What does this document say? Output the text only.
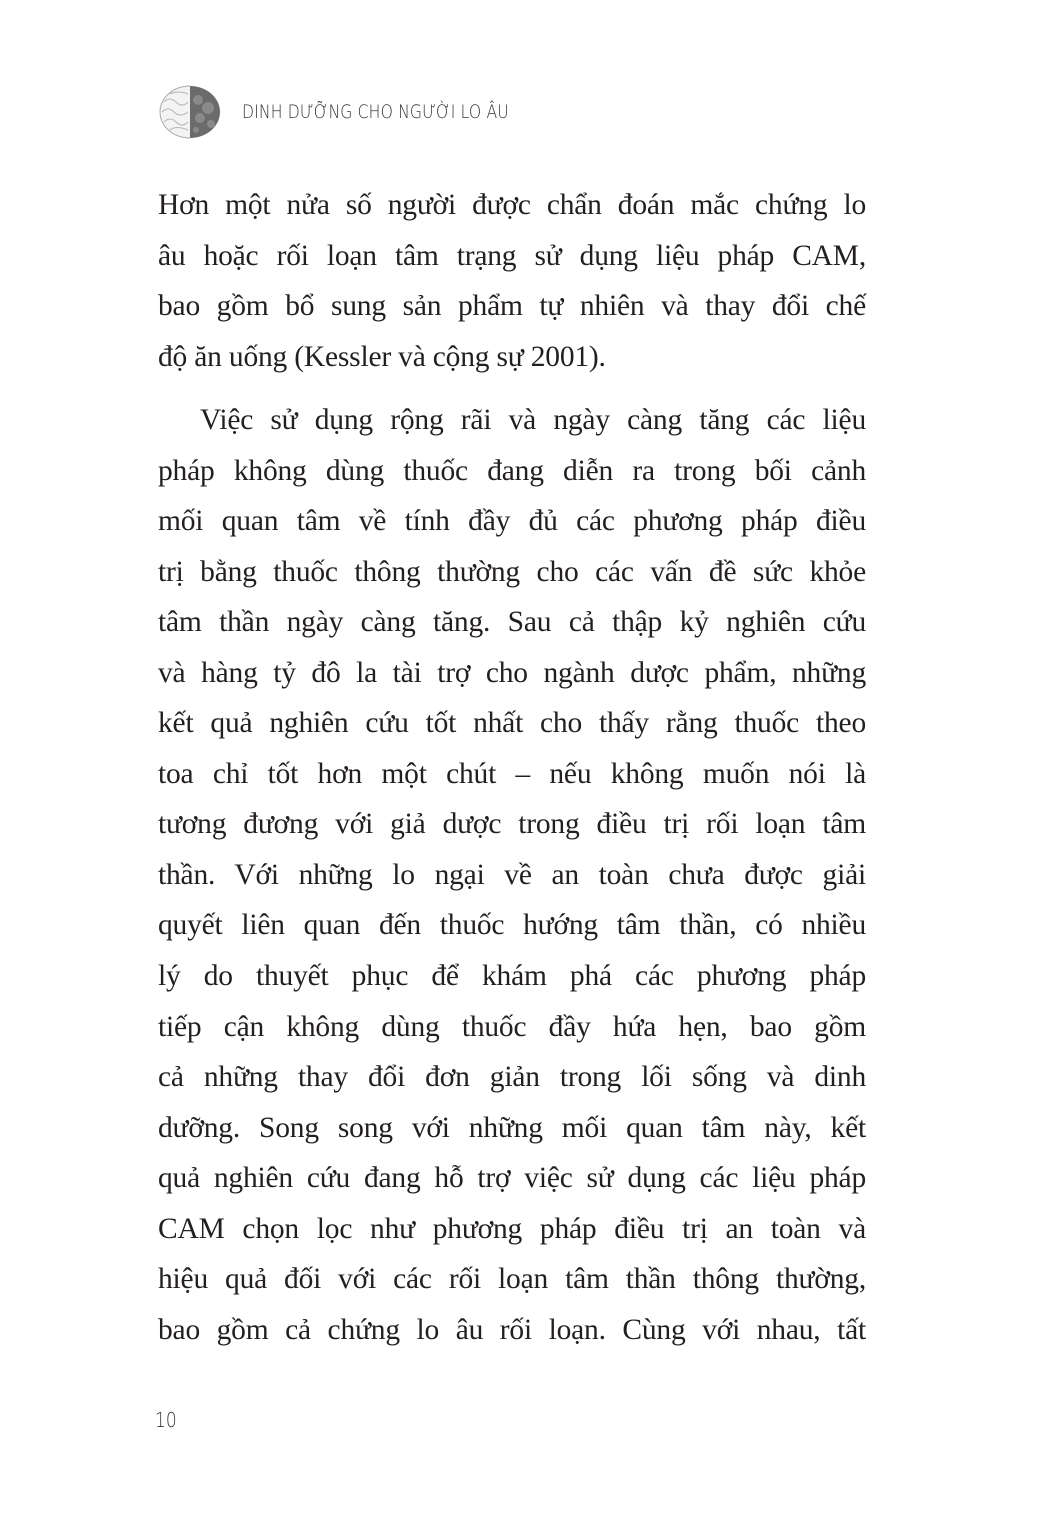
DINH DƯỠNG CHO NGƯỜI LO ÂU
Hơn một nửa số người được chẩn đoán mắc chứng lo
âu hoặc rối loạn tâm trạng sử dụng liệu pháp CAM,
bao gồm bổ sung sản phẩm tự nhiên và thay đổi chế
độ ăn uống (Kessler và cộng sự 2001).
Việc sử dụng rộng rãi và ngày càng tăng các liệu
pháp không dùng thuốc đang diễn ra trong bối cảnh
mối quan tâm về tính đầy đủ các phương pháp điều
trị bằng thuốc thông thường cho các vấn đề sức khỏe
tâm thần ngày càng tăng. Sau cả thập kỷ nghiên cứu
và hàng tỷ đô la tài trợ cho ngành dược phẩm, những
kết quả nghiên cứu tốt nhất cho thấy rằng thuốc theo
toa chỉ tốt hơn một chút – nếu không muốn nói là
tương đương với giả dược trong điều trị rối loạn tâm
thần. Với những lo ngại về an toàn chưa được giải
quyết liên quan đến thuốc hướng tâm thần, có nhiều
lý do thuyết phục để khám phá các phương pháp
tiếp cận không dùng thuốc đầy hứa hẹn, bao gồm
cả những thay đổi đơn giản trong lối sống và dinh
dưỡng. Song song với những mối quan tâm này, kết
quả nghiên cứu đang hỗ trợ việc sử dụng các liệu pháp
CAM chọn lọc như phương pháp điều trị an toàn và
hiệu quả đối với các rối loạn tâm thần thông thường,
bao gồm cả chứng lo âu rối loạn. Cùng với nhau, tất
10
